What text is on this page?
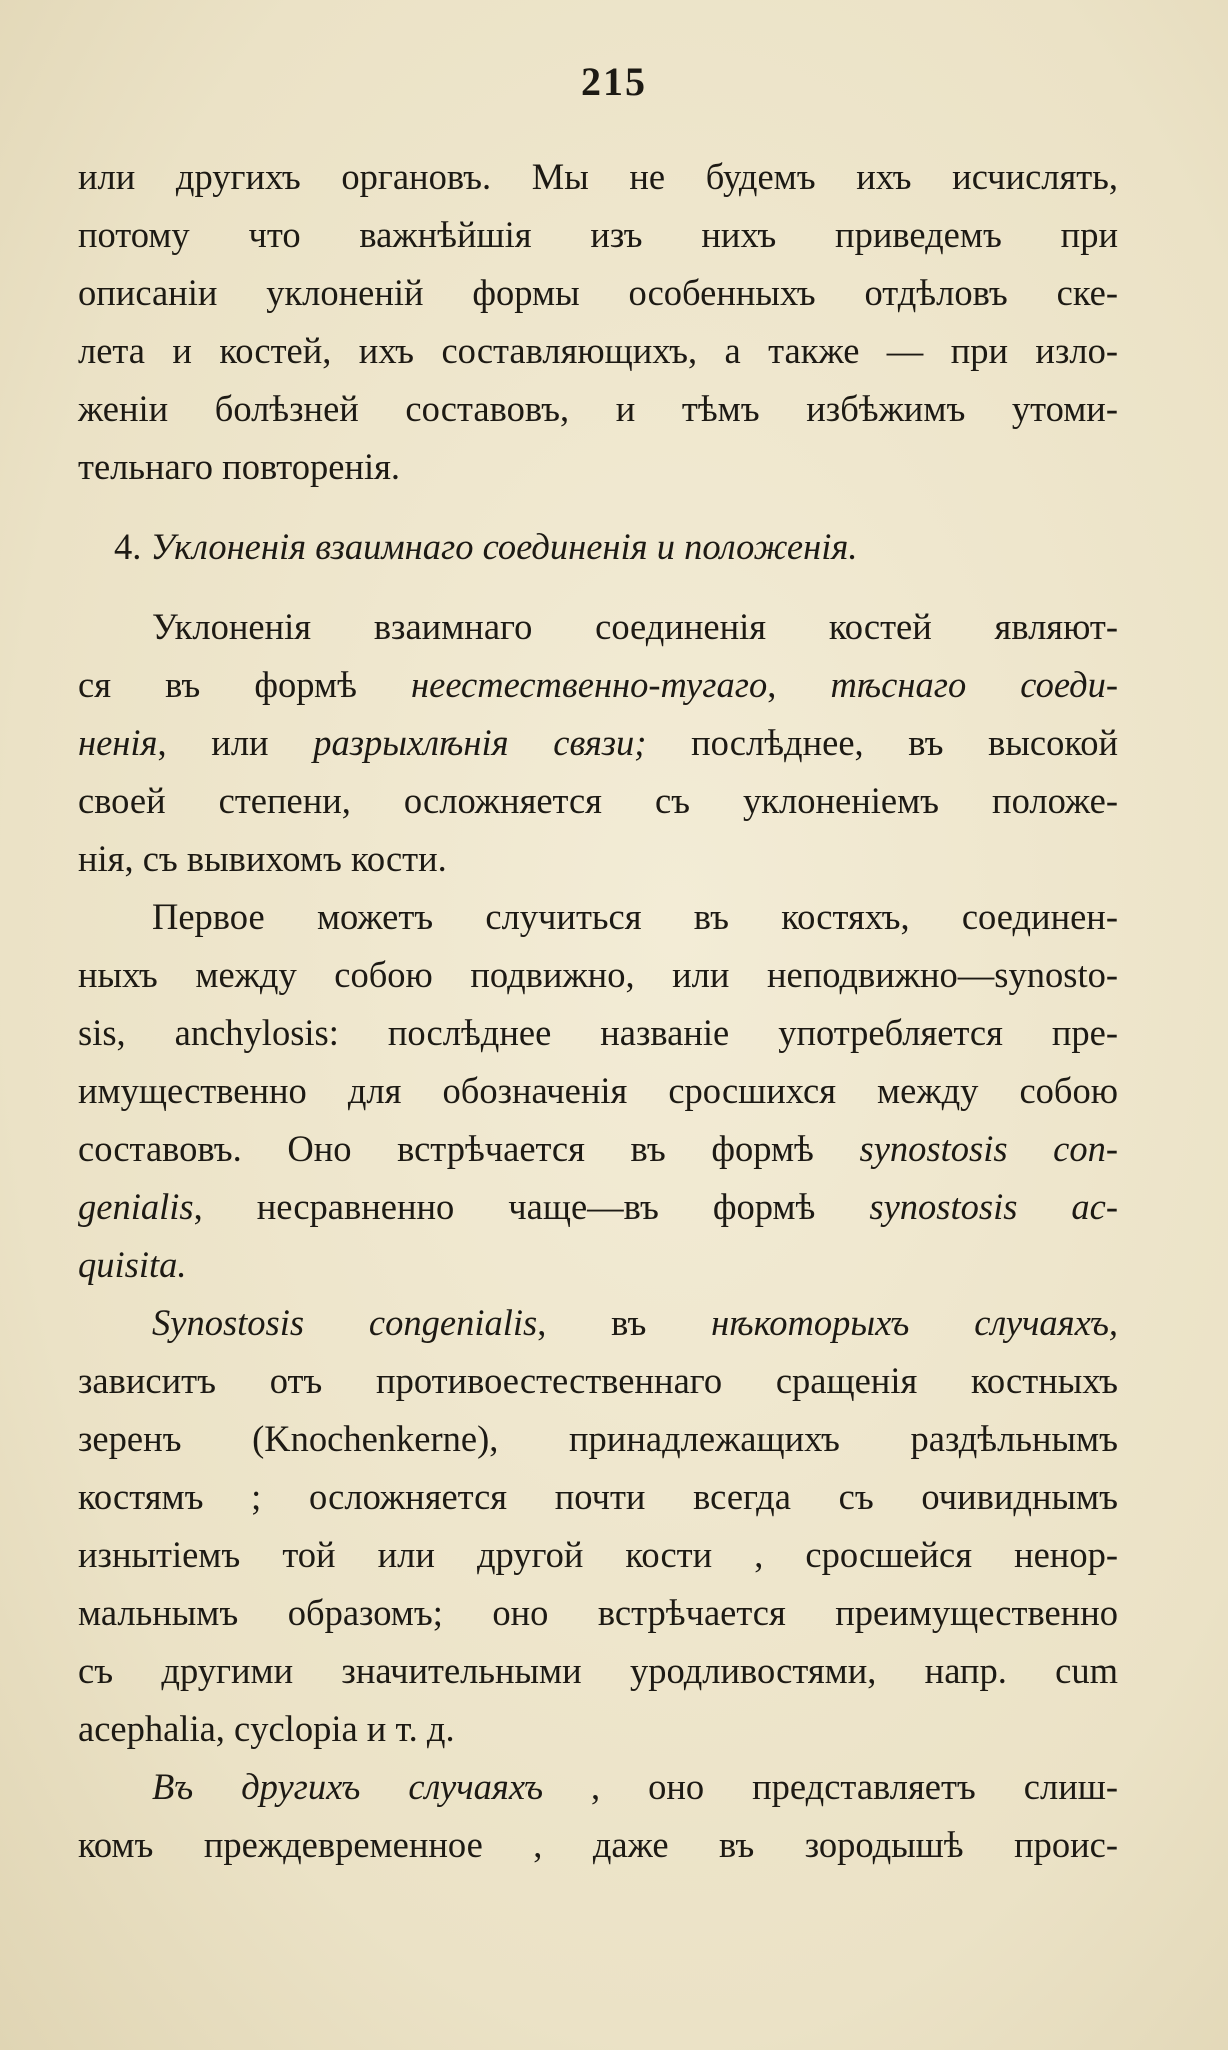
215
или другихъ органовъ. Мы не будемъ ихъ исчислять,
потому что важнѣйшія изъ нихъ приведемъ при
описаніи уклоненій формы особенныхъ отдѣловъ ске-
лета и костей, ихъ составляющихъ, а также — при изло-
женіи болѣзней составовъ, и тѣмъ избѣжимъ утоми-
тельнаго повторенія.
4. Уклоненія взаимнаго соединенія и положенія.
Уклоненія взаимнаго соединенія костей являют-
ся въ формѣ неестественно-тугаго, тѣснаго соеди-
ненія, или разрыхлѣнія связи; послѣднее, въ высокой
своей степени, осложняется съ уклоненіемъ положе-
нія, съ вывихомъ кости.
Первое можетъ случиться въ костяхъ, соединен-
ныхъ между собою подвижно, или неподвижно—synosto-
sis, anchylosis: послѣднее названіе употребляется пре-
имущественно для обозначенія сросшихся между собою
составовъ. Оно встрѣчается въ формѣ synostosis con-
genialis, несравненно чаще—въ формѣ synostosis ac-
quisita.
Synostosis congenialis, въ нѣкоторыхъ случаяхъ,
зависитъ отъ противоестественнаго сращенія костныхъ
зеренъ (Knochenkerne), принадлежащихъ раздѣльнымъ
костямъ ; осложняется почти всегда съ очивиднымъ
изнытіемъ той или другой кости , сросшейся ненор-
мальнымъ образомъ; оно встрѣчается преимущественно
съ другими значительными уродливостями, напр. cum
acephalia, cyclopia и т. д.
Въ другихъ случаяхъ , оно представляетъ слиш-
комъ преждевременное , даже въ зородышѣ проис-
